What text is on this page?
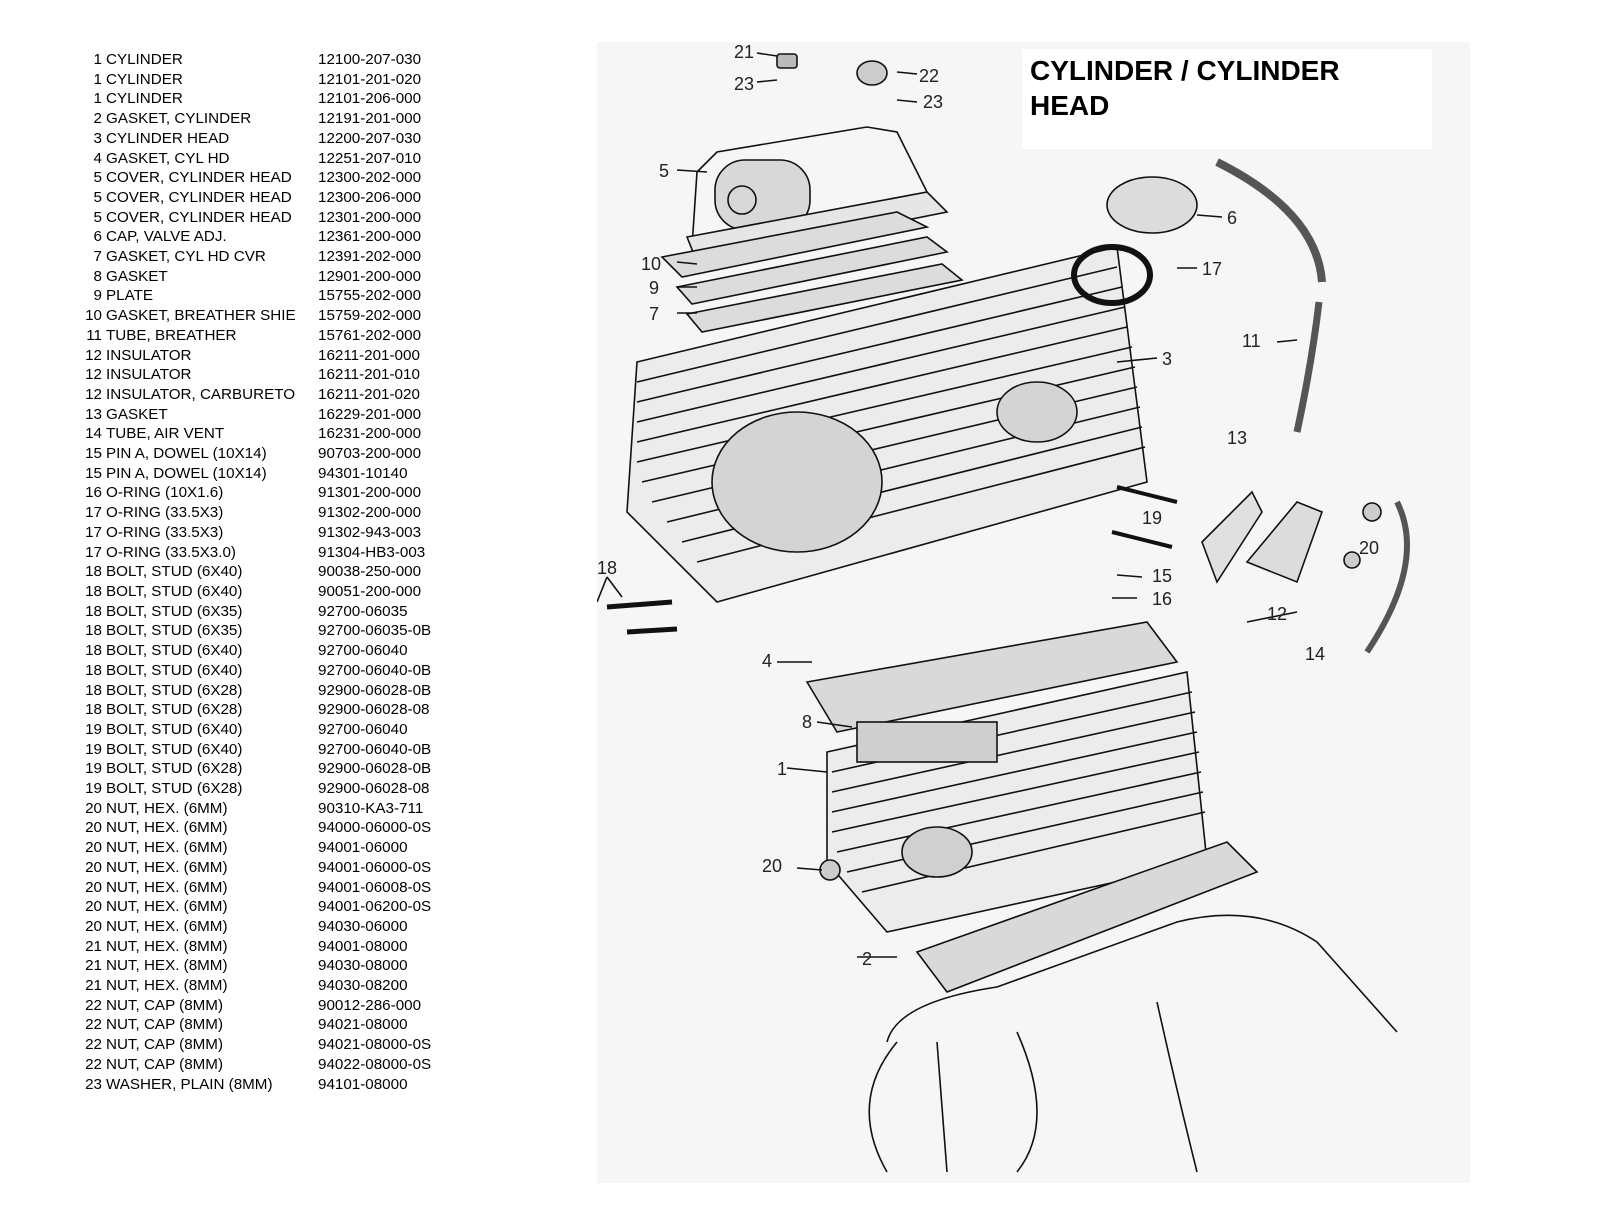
1	CYLINDER	12100-207-030
1	CYLINDER	12101-201-020
1	CYLINDER	12101-206-000
2	GASKET, CYLINDER	12191-201-000
3	CYLINDER HEAD	12200-207-030
4	GASKET, CYL HD	12251-207-010
5	COVER, CYLINDER HEAD	12300-202-000
5	COVER, CYLINDER HEAD	12300-206-000
5	COVER, CYLINDER HEAD	12301-200-000
6	CAP, VALVE ADJ.	12361-200-000
7	GASKET, CYL HD CVR	12391-202-000
8	GASKET	12901-200-000
9	PLATE	15755-202-000
10	GASKET, BREATHER SHIE	15759-202-000
11	TUBE, BREATHER	15761-202-000
12	INSULATOR	16211-201-000
12	INSULATOR	16211-201-010
12	INSULATOR, CARBURETO	16211-201-020
13	GASKET	16229-201-000
14	TUBE, AIR VENT	16231-200-000
15	PIN A, DOWEL (10X14)	90703-200-000
15	PIN A, DOWEL (10X14)	94301-10140
16	O-RING (10X1.6)	91301-200-000
17	O-RING (33.5X3)	91302-200-000
17	O-RING (33.5X3)	91302-943-003
17	O-RING (33.5X3.0)	91304-HB3-003
18	BOLT, STUD (6X40)	90038-250-000
18	BOLT, STUD (6X40)	90051-200-000
18	BOLT, STUD (6X35)	92700-06035
18	BOLT, STUD (6X35)	92700-06035-0B
18	BOLT, STUD (6X40)	92700-06040
18	BOLT, STUD (6X40)	92700-06040-0B
18	BOLT, STUD (6X28)	92900-06028-0B
18	BOLT, STUD (6X28)	92900-06028-08
19	BOLT, STUD (6X40)	92700-06040
19	BOLT, STUD (6X40)	92700-06040-0B
19	BOLT, STUD (6X28)	92900-06028-0B
19	BOLT, STUD (6X28)	92900-06028-08
20	NUT, HEX. (6MM)	90310-KA3-711
20	NUT, HEX. (6MM)	94000-06000-0S
20	NUT, HEX. (6MM)	94001-06000
20	NUT, HEX. (6MM)	94001-06000-0S
20	NUT, HEX. (6MM)	94001-06008-0S
20	NUT, HEX. (6MM)	94001-06200-0S
20	NUT, HEX. (6MM)	94030-06000
21	NUT, HEX. (8MM)	94001-08000
21	NUT, HEX. (8MM)	94030-08000
21	NUT, HEX. (8MM)	94030-08200
22	NUT, CAP (8MM)	90012-286-000
22	NUT, CAP (8MM)	94021-08000
22	NUT, CAP (8MM)	94021-08000-0S
22	NUT, CAP (8MM)	94022-08000-0S
23	WASHER, PLAIN (8MM)	94101-08000
21
23	22
23
5
6
17
10
9
7
11
3
13
19
20
18	15
16
12
14
4
8
1
20
2
CYLINDER / CYLINDER HEAD
